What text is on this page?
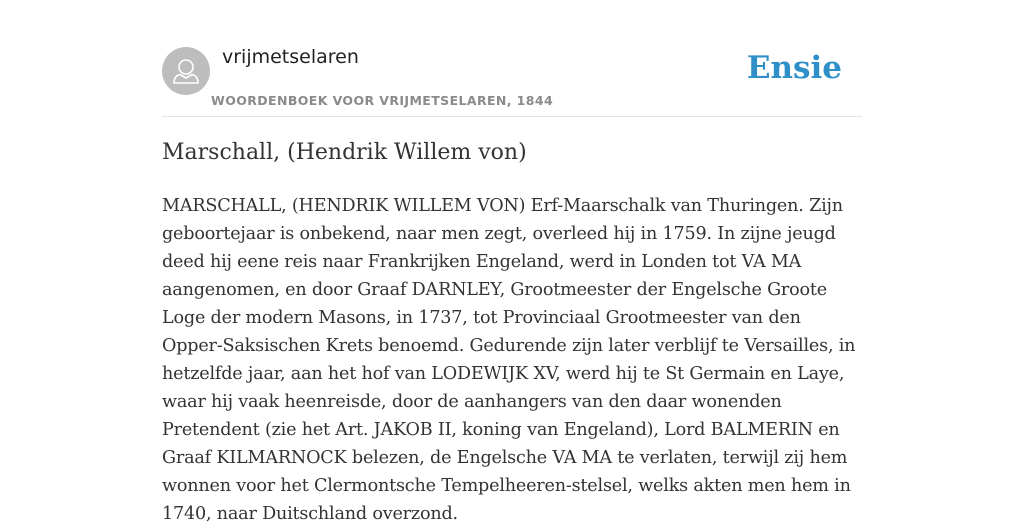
vrijmetselaren
WOORDENBOEK VOOR VRIJMETSELAREN, 1844
Ensie
Marschall, (Hendrik Willem von)

MARSCHALL, (HENDRIK WILLEM VON) Erf-Maarschalk van Thuringen. Zijn geboortejaar is onbekend, naar men zegt, overleed hij in 1759. In zijne jeugd deed hij eene reis naar Frankrijken Engeland, werd in Londen tot VA MA aangenomen, en door Graaf DARNLEY, Grootmeester der Engelsche Groote Loge der modern Masons, in 1737, tot Provinciaal Grootmeester van den Opper-Saksischen Krets benoemd. Gedurende zijn later verblijf te Versailles, in hetzelfde jaar, aan het hof van LODEWIJK XV, werd hij te St Germain en Laye, waar hij vaak heenreisde, door de aanhangers van den daar wonenden Pretendent (zie het Art. JAKOB II, koning van Engeland), Lord BALMERIN en Graaf KILMARNOCK belezen, de Engelsche VA MA te verlaten, terwijl zij hem wonnen voor het Clermontsche Tempelheeren-stelsel, welks akten men hem in 1740, naar Duitschland overzond.
